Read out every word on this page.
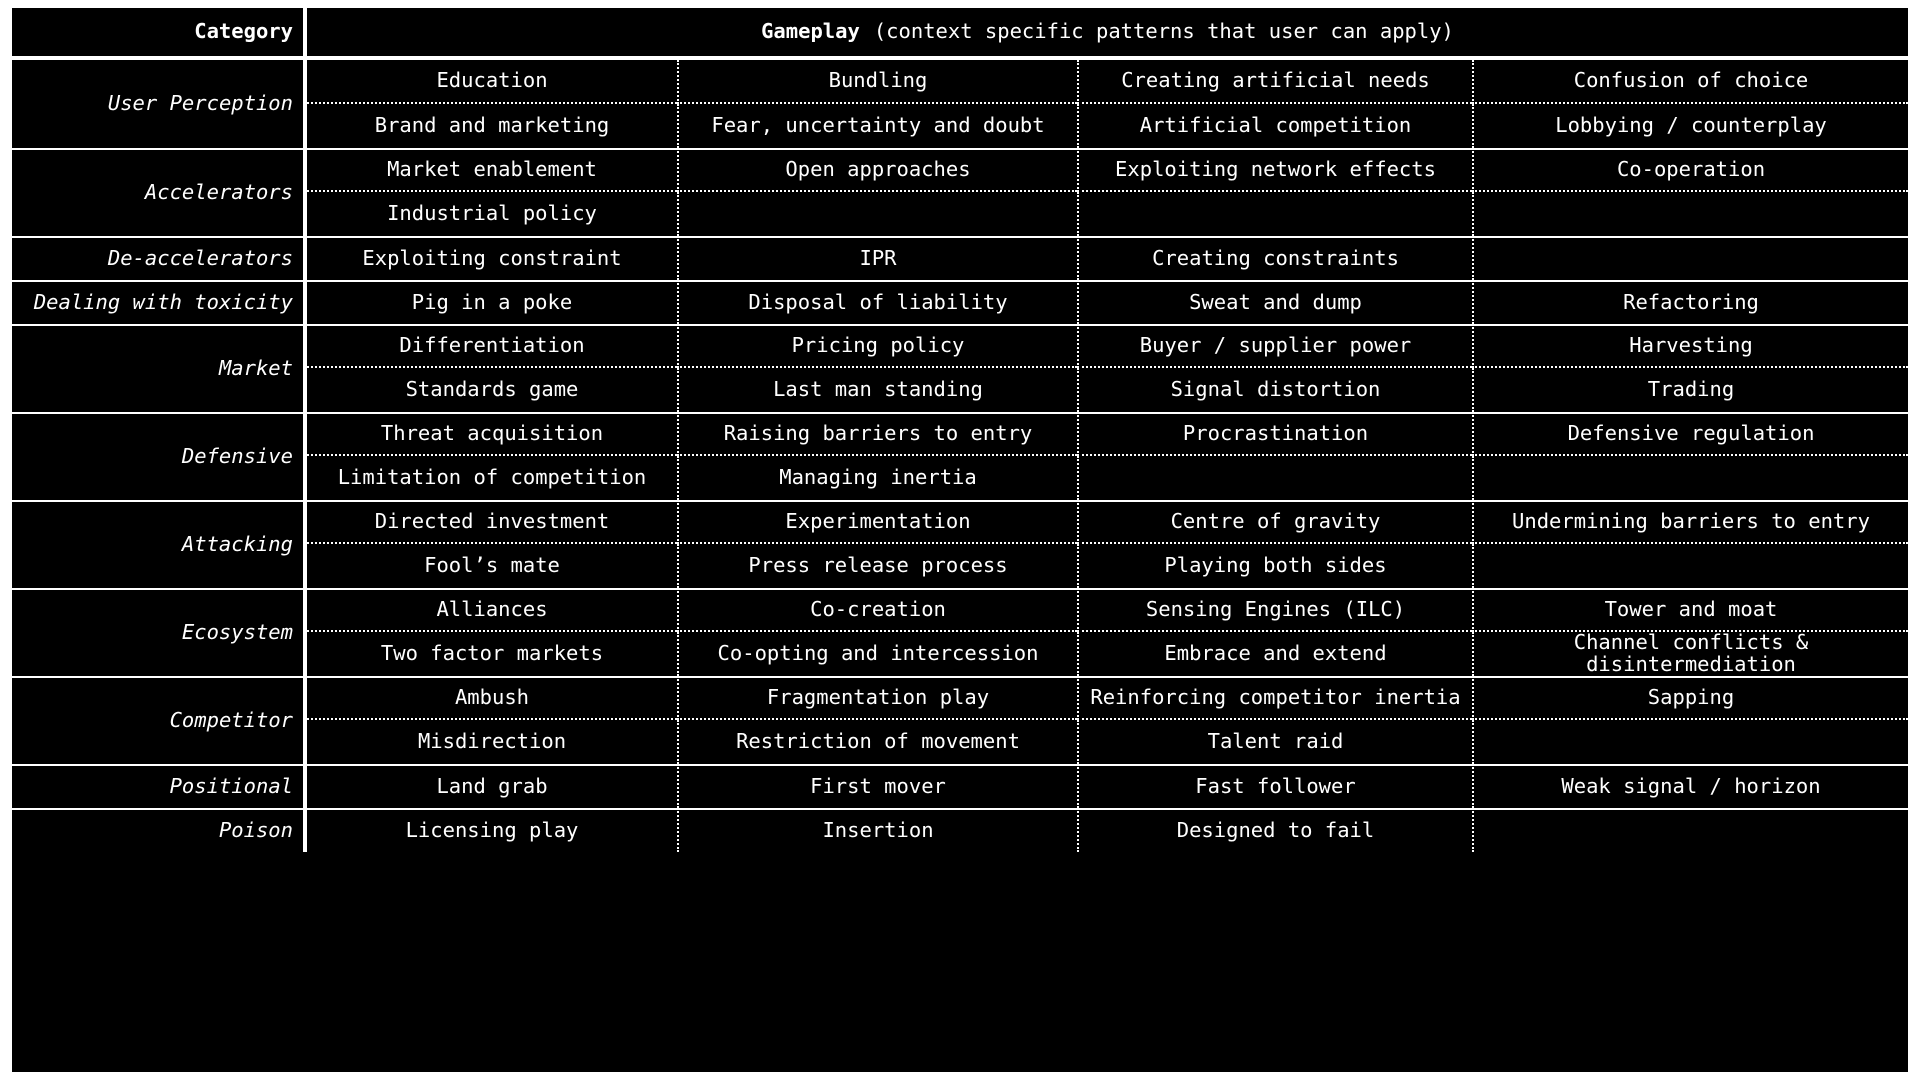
Category	Gameplay (context specific patterns that user can apply)
User Perception
Education	Bundling	Creating artificial needs	Confusion of choice
Brand and marketing	Fear, uncertainty and doubt	Artificial competition	Lobbying / counterplay
Accelerators
Market enablement	Open approaches	Exploiting network effects	Co-operation
Industrial policy
De-accelerators	Exploiting constraint	IPR	Creating constraints
Dealing with toxicity	Pig in a poke	Disposal of liability	Sweat and dump	Refactoring
Market
Differentiation	Pricing policy	Buyer / supplier power	Harvesting
Standards game	Last man standing	Signal distortion	Trading
Defensive
Threat acquisition	Raising barriers to entry	Procrastination	Defensive regulation
Limitation of competition	Managing inertia
Attacking
Directed investment	Experimentation	Centre of gravity	Undermining barriers to entry
Fool’s mate	Press release process	Playing both sides
Ecosystem
Alliances	Co-creation	Sensing Engines (ILC)	Tower and moat
Two factor markets	Co-opting and intercession	Embrace and extend	Channel conflicts & disintermediation
Competitor
Ambush	Fragmentation play	Reinforcing competitor inertia	Sapping
Misdirection	Restriction of movement	Talent raid
Positional	Land grab	First mover	Fast follower	Weak signal / horizon
Poison	Licensing play	Insertion	Designed to fail
